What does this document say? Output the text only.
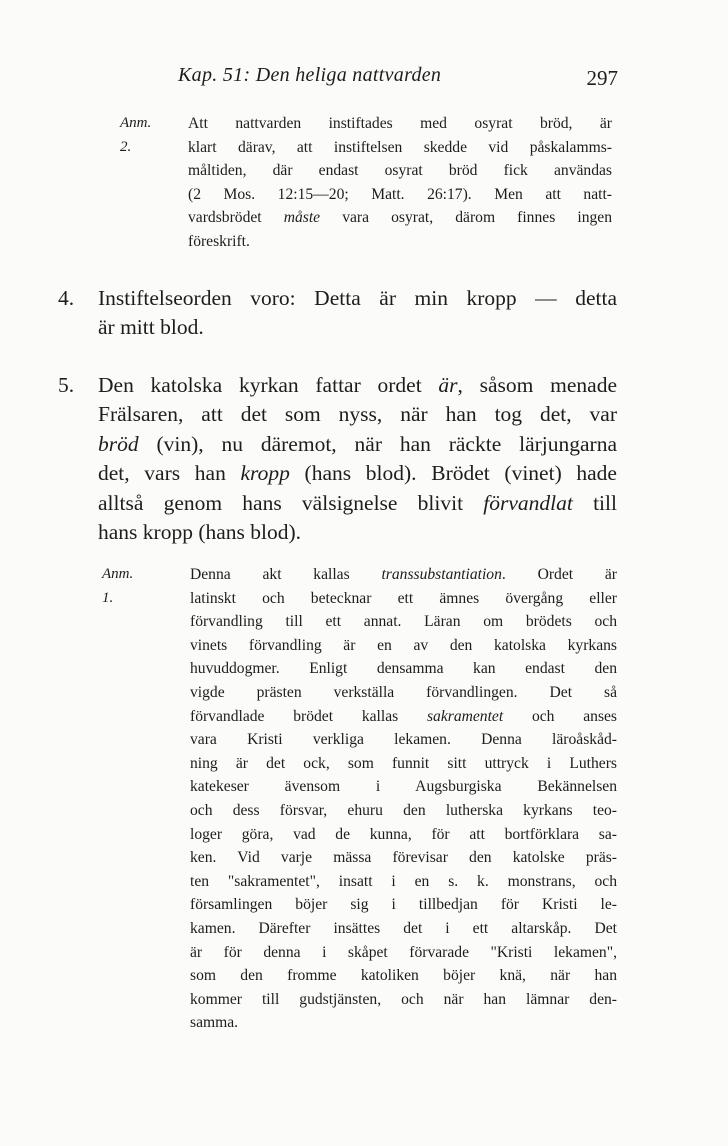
Kap. 51: Den heliga nattvarden	297
Anm. 2.
Att nattvarden instiftades med osyrat bröd, är
klart därav, att instiftelsen skedde vid påskalamms-
måltiden, där endast osyrat bröd fick användas
(2 Mos. 12:15—20; Matt. 26:17). Men att natt-
vardsbrödet måste vara osyrat, därom finnes ingen
föreskrift.
4. Instiftelseorden voro: Detta är min kropp — detta
är mitt blod.
5. Den katolska kyrkan fattar ordet är, såsom menade
Frälsaren, att det som nyss, när han tog det, var
bröd (vin), nu däremot, när han räckte lärjungarna
det, vars han kropp (hans blod). Brödet (vinet) hade
alltså genom hans välsignelse blivit förvandlat till
hans kropp (hans blod).
Anm. 1.
Denna akt kallas transsubstantiation. Ordet är
latinskt och betecknar ett ämnes övergång eller
förvandling till ett annat. Läran om brödets och
vinets förvandling är en av den katolska kyrkans
huvuddogmer. Enligt densamma kan endast den
vigde prästen verkställa förvandlingen. Det så
förvandlade brödet kallas sakramentet och anses
vara Kristi verkliga lekamen. Denna läroåskåd-
ning är det ock, som funnit sitt uttryck i Luthers
katekeser ävensom i Augsburgiska Bekännelsen
och dess försvar, ehuru den lutherska kyrkans teo-
loger göra, vad de kunna, för att bortförklara sa-
ken. Vid varje mässa förevisar den katolske präs-
ten "sakramentet", insatt i en s. k. monstrans, och
församlingen böjer sig i tillbedjan för Kristi le-
kamen. Därefter insättes det i ett altarskåp. Det
är för denna i skåpet förvarade "Kristi lekamen",
som den fromme katoliken böjer knä, när han
kommer till gudstjänsten, och när han lämnar den-
samma.
